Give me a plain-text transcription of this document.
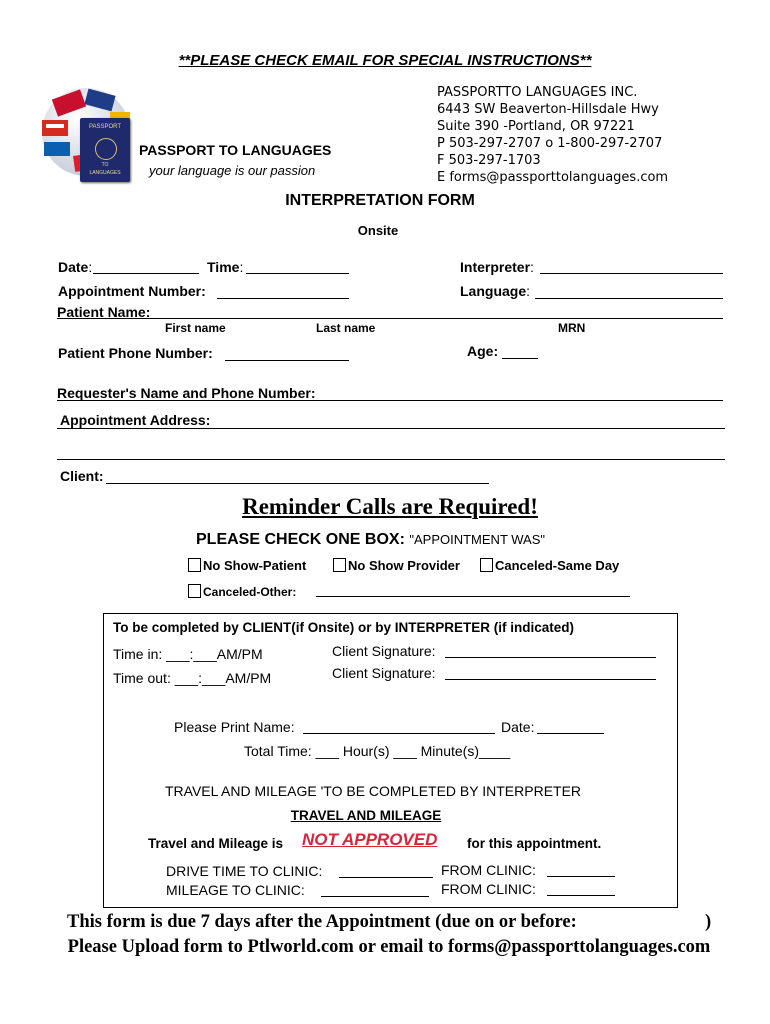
**PLEASE CHECK EMAIL FOR SPECIAL INSTRUCTIONS**
PASSPORT
TO
LANGUAGES
PASSPORT TO LANGUAGES
your language is our passion
PASSPORTTO LANGUAGES INC.
6443 SW Beaverton-Hillsdale Hwy
Suite 390 -Portland, OR 97221
P 503-297-2707 o 1-800-297-2707
F 503-297-1703
E forms@passporttolanguages.com
INTERPRETATION FORM
Onsite
Date:	Time:	Interpreter:
Appointment Number:	Language:
Patient Name:
First name	Last name	MRN
Patient Phone Number:	Age:
Requester's Name and Phone Number:
Appointment Address:
Client:
Reminder Calls are Required!
PLEASE CHECK ONE BOX: "APPOINTMENT WAS"
No Show-Patient	No Show Provider	Canceled-Same Day
Canceled-Other:
To be completed by CLIENT(if Onsite) or by INTERPRETER (if indicated)
Time in: ___:___AM/PM
Time out: ___:___AM/PM
Client Signature:
Client Signature:
Please Print Name:	Date:
Total Time: ___ Hour(s) ___ Minute(s)____
TRAVEL AND MILEAGE 'TO BE COMPLETED BY INTERPRETER
TRAVEL AND MILEAGE
Travel and Mileage is NOT APPROVED for this appointment.
DRIVE TIME TO CLINIC:	FROM CLINIC:
MILEAGE TO CLINIC:	FROM CLINIC:
This form is due 7 days after the Appointment (due on or before:	)
Please Upload form to Ptlworld.com or email to forms@passporttolanguages.com
